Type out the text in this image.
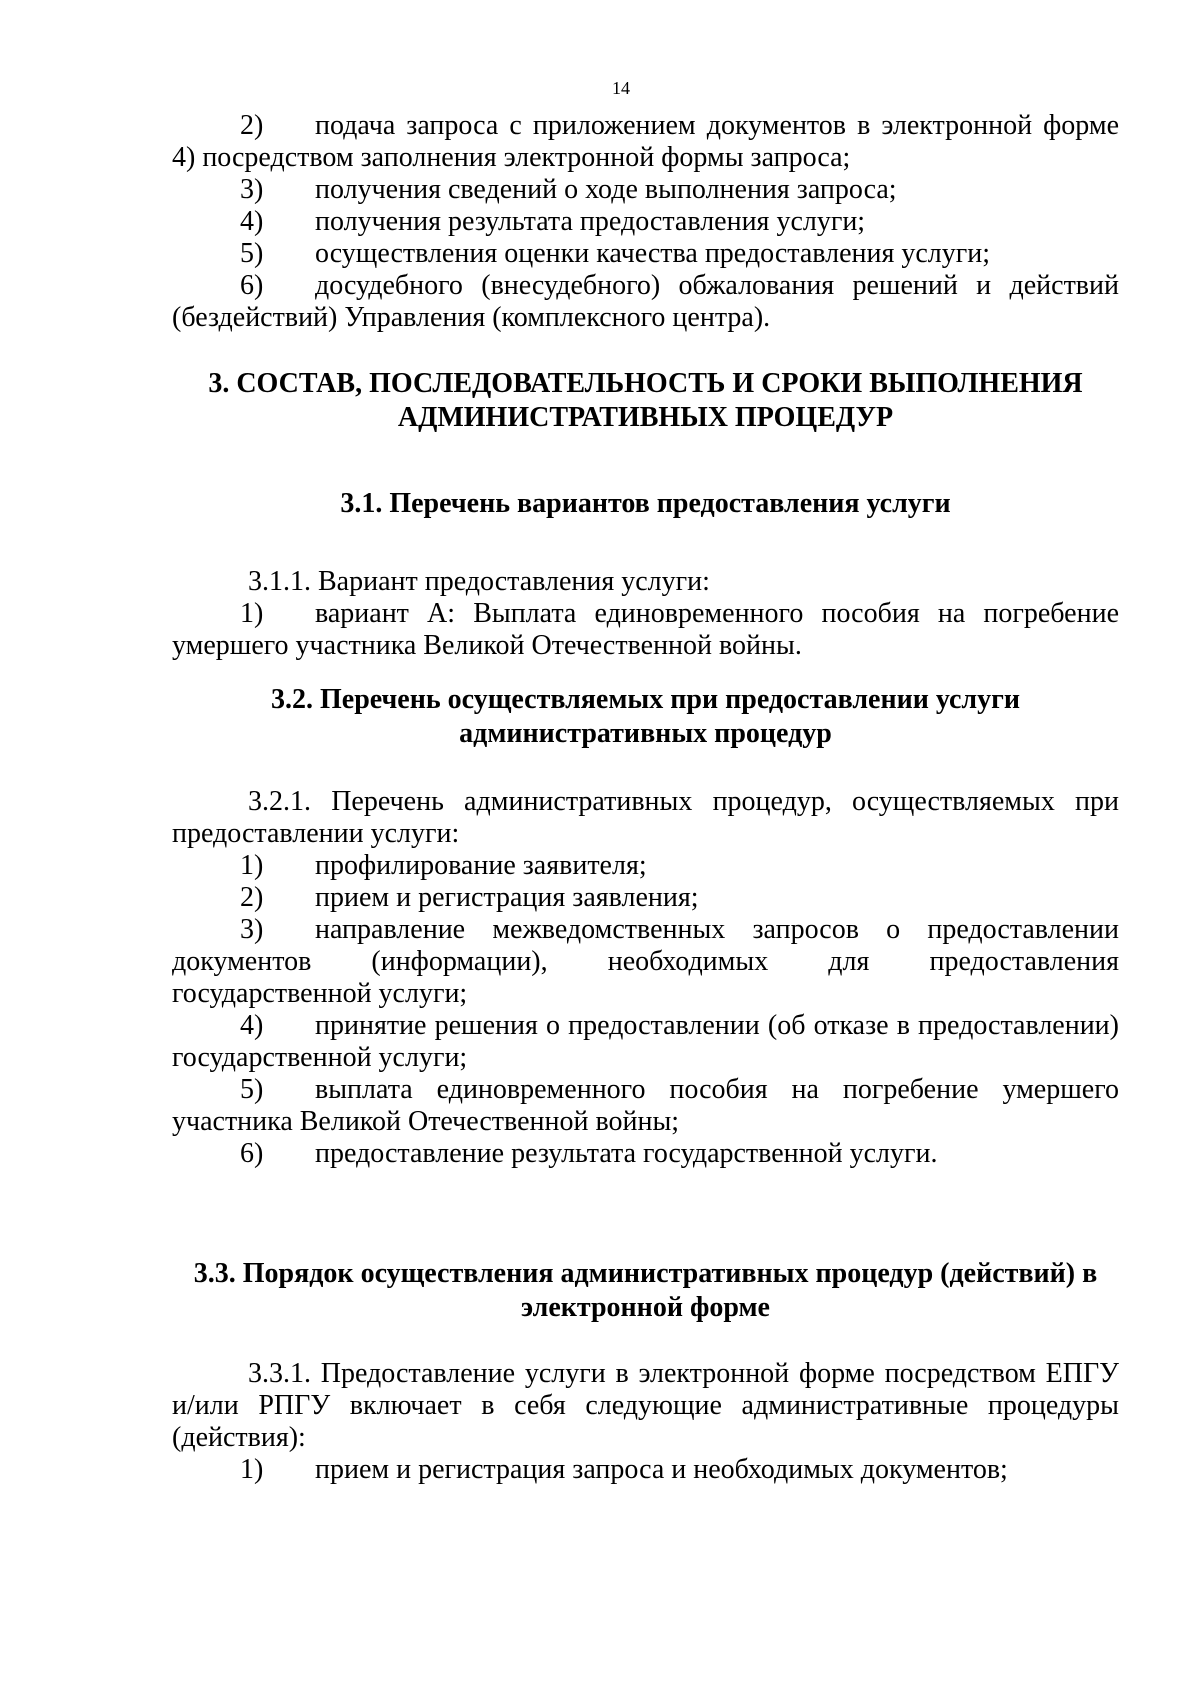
14
2) подача запроса с приложением документов в электронной форме
4) посредством заполнения электронной формы запроса;
3) получения сведений о ходе выполнения запроса;
4) получения результата предоставления услуги;
5) осуществления оценки качества предоставления услуги;
6) досудебного (внесудебного) обжалования решений и действий
(бездействий) Управления (комплексного центра).
3. СОСТАВ, ПОСЛЕДОВАТЕЛЬНОСТЬ И СРОКИ ВЫПОЛНЕНИЯ
АДМИНИСТРАТИВНЫХ ПРОЦЕДУР
3.1. Перечень вариантов предоставления услуги
3.1.1. Вариант предоставления услуги:
1) вариант А: Выплата единовременного пособия на погребение
умершего участника Великой Отечественной войны.
3.2. Перечень осуществляемых при предоставлении услуги
административных процедур
3.2.1. Перечень административных процедур, осуществляемых при
предоставлении услуги:
1) профилирование заявителя;
2) прием и регистрация заявления;
3) направление межведомственных запросов о предоставлении
документов (информации), необходимых для предоставления
государственной услуги;
4) принятие решения о предоставлении (об отказе в предоставлении)
государственной услуги;
5) выплата единовременного пособия на погребение умершего
участника Великой Отечественной войны;
6) предоставление результата государственной услуги.
3.3. Порядок осуществления административных процедур (действий) в
электронной форме
3.3.1. Предоставление услуги в электронной форме посредством ЕПГУ
и/или РПГУ включает в себя следующие административные процедуры
(действия):
1) прием и регистрация запроса и необходимых документов;
